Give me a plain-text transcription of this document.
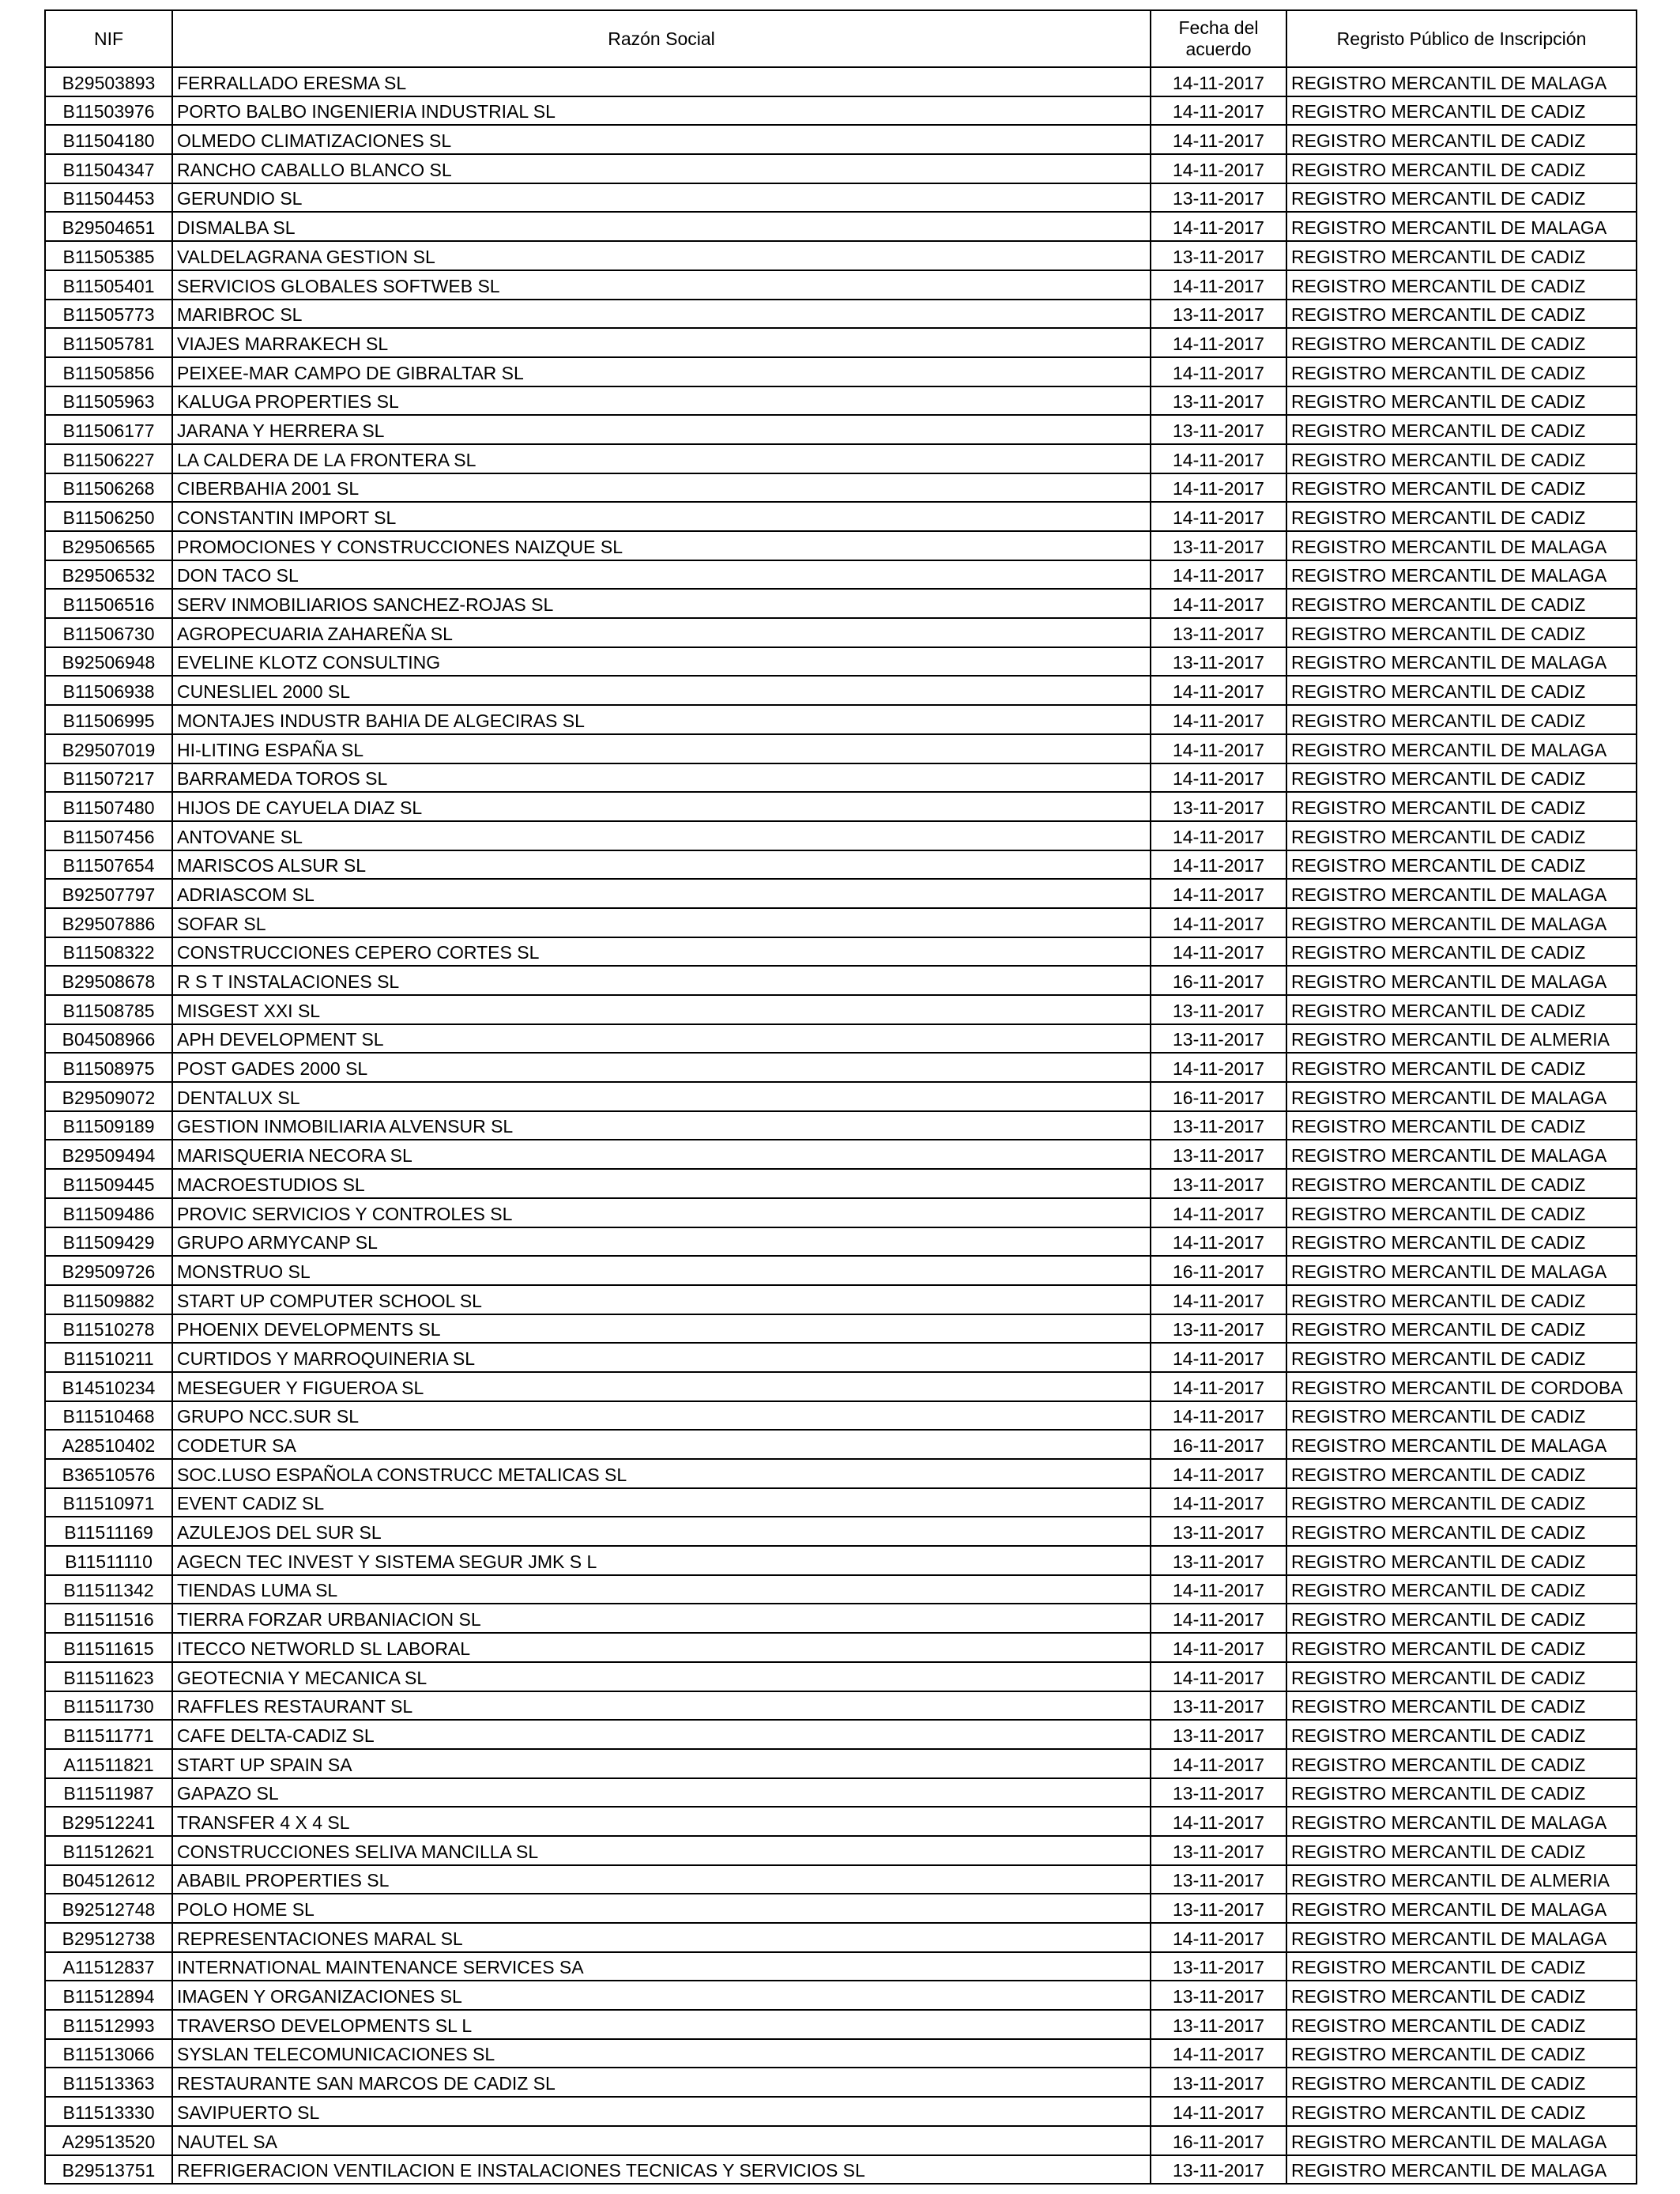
NIF	Razón Social	Fecha del
acuerdo	Regristo Público de Inscripción
B29503893	FERRALLADO ERESMA SL	14-11-2017	REGISTRO MERCANTIL DE MALAGA
B11503976	PORTO BALBO INGENIERIA INDUSTRIAL SL	14-11-2017	REGISTRO MERCANTIL DE CADIZ
B11504180	OLMEDO CLIMATIZACIONES SL	14-11-2017	REGISTRO MERCANTIL DE CADIZ
B11504347	RANCHO CABALLO BLANCO SL	14-11-2017	REGISTRO MERCANTIL DE CADIZ
B11504453	GERUNDIO SL	13-11-2017	REGISTRO MERCANTIL DE CADIZ
B29504651	DISMALBA SL	14-11-2017	REGISTRO MERCANTIL DE MALAGA
B11505385	VALDELAGRANA GESTION SL	13-11-2017	REGISTRO MERCANTIL DE CADIZ
B11505401	SERVICIOS GLOBALES SOFTWEB SL	14-11-2017	REGISTRO MERCANTIL DE CADIZ
B11505773	MARIBROC SL	13-11-2017	REGISTRO MERCANTIL DE CADIZ
B11505781	VIAJES MARRAKECH SL	14-11-2017	REGISTRO MERCANTIL DE CADIZ
B11505856	PEIXEE-MAR CAMPO DE GIBRALTAR SL	14-11-2017	REGISTRO MERCANTIL DE CADIZ
B11505963	KALUGA PROPERTIES SL	13-11-2017	REGISTRO MERCANTIL DE CADIZ
B11506177	JARANA Y HERRERA SL	13-11-2017	REGISTRO MERCANTIL DE CADIZ
B11506227	LA CALDERA DE LA FRONTERA SL	14-11-2017	REGISTRO MERCANTIL DE CADIZ
B11506268	CIBERBAHIA 2001 SL	14-11-2017	REGISTRO MERCANTIL DE CADIZ
B11506250	CONSTANTIN IMPORT SL	14-11-2017	REGISTRO MERCANTIL DE CADIZ
B29506565	PROMOCIONES Y CONSTRUCCIONES NAIZQUE SL	13-11-2017	REGISTRO MERCANTIL DE MALAGA
B29506532	DON TACO SL	14-11-2017	REGISTRO MERCANTIL DE MALAGA
B11506516	SERV INMOBILIARIOS SANCHEZ-ROJAS SL	14-11-2017	REGISTRO MERCANTIL DE CADIZ
B11506730	AGROPECUARIA ZAHAREÑA SL	13-11-2017	REGISTRO MERCANTIL DE CADIZ
B92506948	EVELINE KLOTZ CONSULTING	13-11-2017	REGISTRO MERCANTIL DE MALAGA
B11506938	CUNESLIEL 2000 SL	14-11-2017	REGISTRO MERCANTIL DE CADIZ
B11506995	MONTAJES INDUSTR BAHIA DE ALGECIRAS SL	14-11-2017	REGISTRO MERCANTIL DE CADIZ
B29507019	HI-LITING ESPAÑA SL	14-11-2017	REGISTRO MERCANTIL DE MALAGA
B11507217	BARRAMEDA TOROS SL	14-11-2017	REGISTRO MERCANTIL DE CADIZ
B11507480	HIJOS DE CAYUELA DIAZ SL	13-11-2017	REGISTRO MERCANTIL DE CADIZ
B11507456	ANTOVANE SL	14-11-2017	REGISTRO MERCANTIL DE CADIZ
B11507654	MARISCOS ALSUR SL	14-11-2017	REGISTRO MERCANTIL DE CADIZ
B92507797	ADRIASCOM SL	14-11-2017	REGISTRO MERCANTIL DE MALAGA
B29507886	SOFAR SL	14-11-2017	REGISTRO MERCANTIL DE MALAGA
B11508322	CONSTRUCCIONES CEPERO CORTES SL	14-11-2017	REGISTRO MERCANTIL DE CADIZ
B29508678	R S T INSTALACIONES SL	16-11-2017	REGISTRO MERCANTIL DE MALAGA
B11508785	MISGEST XXI SL	13-11-2017	REGISTRO MERCANTIL DE CADIZ
B04508966	APH DEVELOPMENT SL	13-11-2017	REGISTRO MERCANTIL DE ALMERIA
B11508975	POST GADES 2000 SL	14-11-2017	REGISTRO MERCANTIL DE CADIZ
B29509072	DENTALUX SL	16-11-2017	REGISTRO MERCANTIL DE MALAGA
B11509189	GESTION INMOBILIARIA ALVENSUR SL	13-11-2017	REGISTRO MERCANTIL DE CADIZ
B29509494	MARISQUERIA NECORA SL	13-11-2017	REGISTRO MERCANTIL DE MALAGA
B11509445	MACROESTUDIOS SL	13-11-2017	REGISTRO MERCANTIL DE CADIZ
B11509486	PROVIC SERVICIOS Y CONTROLES SL	14-11-2017	REGISTRO MERCANTIL DE CADIZ
B11509429	GRUPO ARMYCANP SL	14-11-2017	REGISTRO MERCANTIL DE CADIZ
B29509726	MONSTRUO SL	16-11-2017	REGISTRO MERCANTIL DE MALAGA
B11509882	START UP COMPUTER SCHOOL SL	14-11-2017	REGISTRO MERCANTIL DE CADIZ
B11510278	PHOENIX DEVELOPMENTS SL	13-11-2017	REGISTRO MERCANTIL DE CADIZ
B11510211	CURTIDOS Y MARROQUINERIA SL	14-11-2017	REGISTRO MERCANTIL DE CADIZ
B14510234	MESEGUER Y FIGUEROA SL	14-11-2017	REGISTRO MERCANTIL DE CORDOBA
B11510468	GRUPO NCC.SUR SL	14-11-2017	REGISTRO MERCANTIL DE CADIZ
A28510402	CODETUR SA	16-11-2017	REGISTRO MERCANTIL DE MALAGA
B36510576	SOC.LUSO ESPAÑOLA CONSTRUCC METALICAS SL	14-11-2017	REGISTRO MERCANTIL DE CADIZ
B11510971	EVENT CADIZ SL	14-11-2017	REGISTRO MERCANTIL DE CADIZ
B11511169	AZULEJOS DEL SUR SL	13-11-2017	REGISTRO MERCANTIL DE CADIZ
B11511110	AGECN TEC INVEST Y SISTEMA SEGUR JMK S L	13-11-2017	REGISTRO MERCANTIL DE CADIZ
B11511342	TIENDAS LUMA SL	14-11-2017	REGISTRO MERCANTIL DE CADIZ
B11511516	TIERRA FORZAR URBANIACION SL	14-11-2017	REGISTRO MERCANTIL DE CADIZ
B11511615	ITECCO NETWORLD SL LABORAL	14-11-2017	REGISTRO MERCANTIL DE CADIZ
B11511623	GEOTECNIA Y MECANICA SL	14-11-2017	REGISTRO MERCANTIL DE CADIZ
B11511730	RAFFLES RESTAURANT SL	13-11-2017	REGISTRO MERCANTIL DE CADIZ
B11511771	CAFE DELTA-CADIZ SL	13-11-2017	REGISTRO MERCANTIL DE CADIZ
A11511821	START UP SPAIN SA	14-11-2017	REGISTRO MERCANTIL DE CADIZ
B11511987	GAPAZO SL	13-11-2017	REGISTRO MERCANTIL DE CADIZ
B29512241	TRANSFER 4 X 4 SL	14-11-2017	REGISTRO MERCANTIL DE MALAGA
B11512621	CONSTRUCCIONES SELIVA MANCILLA SL	13-11-2017	REGISTRO MERCANTIL DE CADIZ
B04512612	ABABIL PROPERTIES SL	13-11-2017	REGISTRO MERCANTIL DE ALMERIA
B92512748	POLO HOME SL	13-11-2017	REGISTRO MERCANTIL DE MALAGA
B29512738	REPRESENTACIONES MARAL SL	14-11-2017	REGISTRO MERCANTIL DE MALAGA
A11512837	INTERNATIONAL MAINTENANCE SERVICES SA	13-11-2017	REGISTRO MERCANTIL DE CADIZ
B11512894	IMAGEN Y ORGANIZACIONES SL	13-11-2017	REGISTRO MERCANTIL DE CADIZ
B11512993	TRAVERSO DEVELOPMENTS SL L	13-11-2017	REGISTRO MERCANTIL DE CADIZ
B11513066	SYSLAN TELECOMUNICACIONES SL	14-11-2017	REGISTRO MERCANTIL DE CADIZ
B11513363	RESTAURANTE SAN MARCOS DE CADIZ SL	13-11-2017	REGISTRO MERCANTIL DE CADIZ
B11513330	SAVIPUERTO SL	14-11-2017	REGISTRO MERCANTIL DE CADIZ
A29513520	NAUTEL SA	16-11-2017	REGISTRO MERCANTIL DE MALAGA
B29513751	REFRIGERACION VENTILACION E INSTALACIONES TECNICAS Y SERVICIOS SL	13-11-2017	REGISTRO MERCANTIL DE MALAGA
